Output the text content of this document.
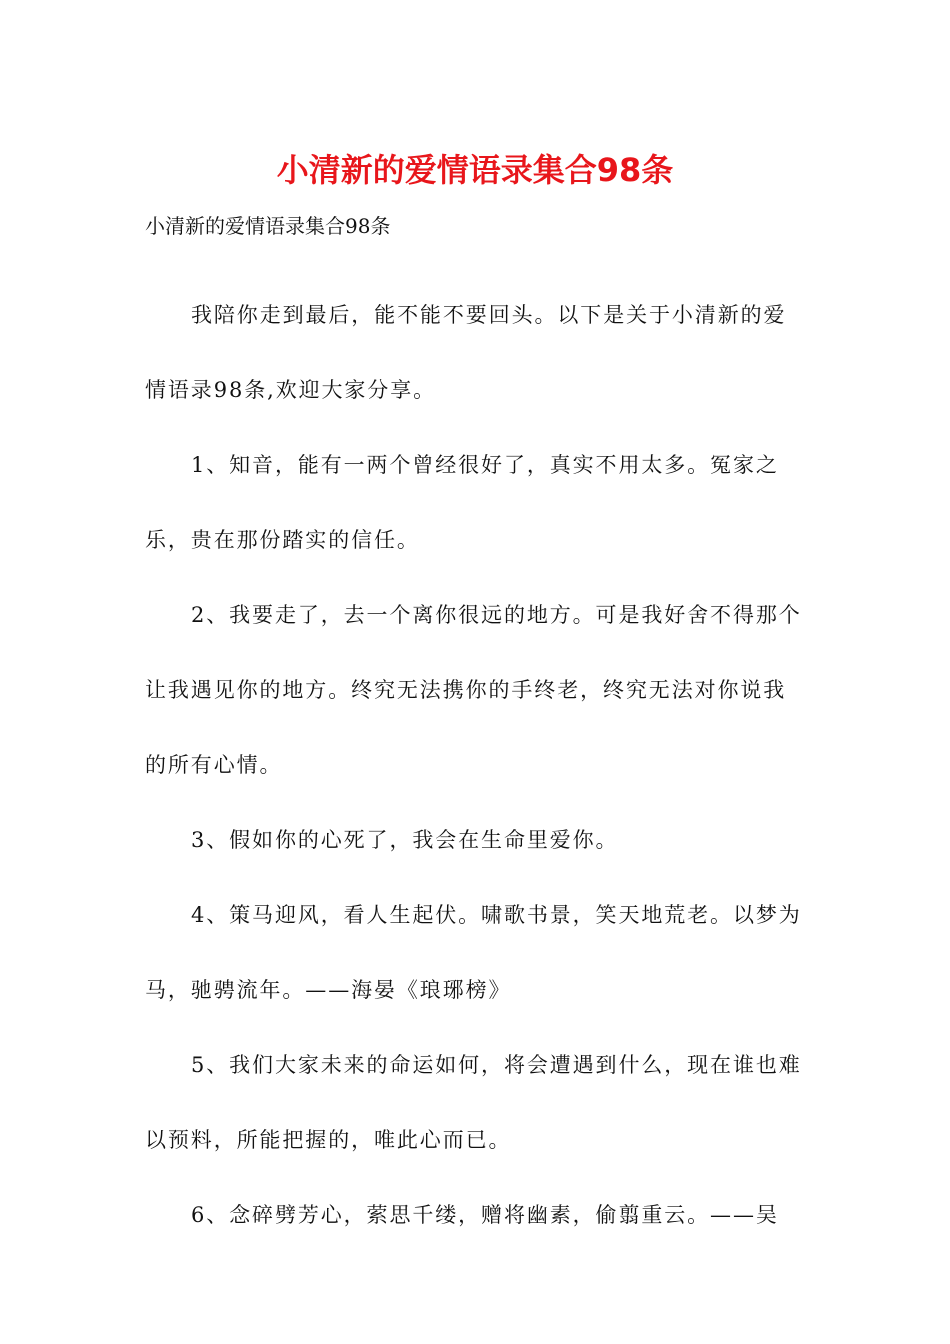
小清新的爱情语录集合98条

小清新的爱情语录集合98条

我陪你走到最后，能不能不要回头。以下是关于小清新的爱情语录98条,欢迎大家分享。

1、知音，能有一两个曾经很好了，真实不用太多。冤家之乐，贵在那份踏实的信任。

2、我要走了，去一个离你很远的地方。可是我好舍不得那个让我遇见你的地方。终究无法携你的手终老，终究无法对你说我的所有心情。

3、假如你的心死了，我会在生命里爱你。

4、策马迎风，看人生起伏。啸歌书景，笑天地荒老。以梦为马，驰骋流年。——海晏《琅琊榜》

5、我们大家未来的命运如何，将会遭遇到什么，现在谁也难以预料，所能把握的，唯此心而已。

6、念碎劈芳心，萦思千缕，赠将幽素，偷翦重云。——吴
